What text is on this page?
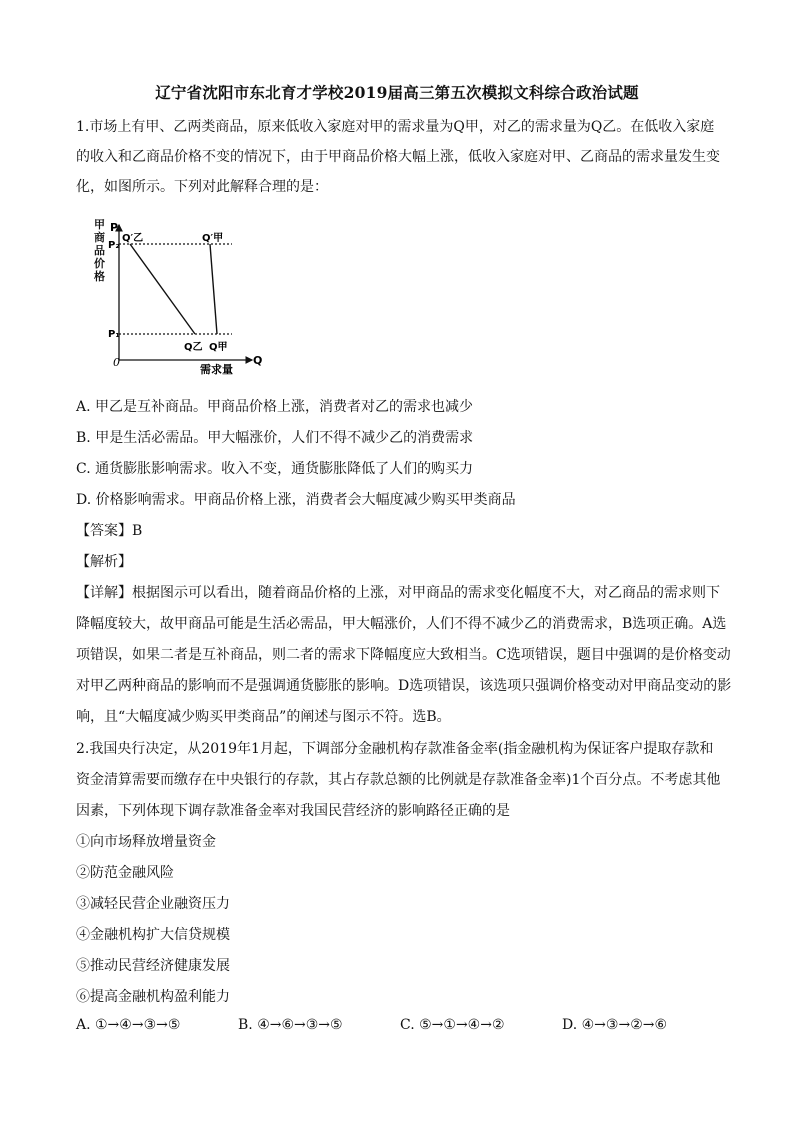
辽宁省沈阳市东北育才学校2019届高三第五次模拟文科综合政治试题
1.市场上有甲、乙两类商品，原来低收入家庭对甲的需求量为Q甲，对乙的需求量为Q乙。在低收入家庭
的收入和乙商品价格不变的情况下，由于甲商品价格大幅上涨，低收入家庭对甲、乙商品的需求量发生变
化，如图所示。下列对此解释合理的是：
甲 商 品 价 格
P
P₂
P₁
0	Q
Q′乙	Q′甲
Q乙 Q甲
需求量
A. 甲乙是互补商品。甲商品价格上涨，消费者对乙的需求也减少
B. 甲是生活必需品。甲大幅涨价，人们不得不减少乙的消费需求
C. 通货膨胀影响需求。收入不变，通货膨胀降低了人们的购买力
D. 价格影响需求。甲商品价格上涨，消费者会大幅度减少购买甲类商品
【答案】B
【解析】
【详解】根据图示可以看出，随着商品价格的上涨，对甲商品的需求变化幅度不大，对乙商品的需求则下
降幅度较大，故甲商品可能是生活必需品，甲大幅涨价，人们不得不减少乙的消费需求，B选项正确。A选
项错误，如果二者是互补商品，则二者的需求下降幅度应大致相当。C选项错误，题目中强调的是价格变动
对甲乙两种商品的影响而不是强调通货膨胀的影响。D选项错误，该选项只强调价格变动对甲商品变动的影
响，且“大幅度减少购买甲类商品”的阐述与图示不符。选B。
2.我国央行决定，从2019年1月起，下调部分金融机构存款准备金率(指金融机构为保证客户提取存款和
资金清算需要而缴存在中央银行的存款，其占存款总额的比例就是存款准备金率)1个百分点。不考虑其他
因素，下列体现下调存款准备金率对我国民营经济的影响路径正确的是
①向市场释放增量资金
②防范金融风险
③减轻民营企业融资压力
④金融机构扩大信贷规模
⑤推动民营经济健康发展
⑥提高金融机构盈利能力
A. ①→④→③→⑤	B. ④→⑥→③→⑤	C. ⑤→①→④→②	D. ④→③→②→⑥
